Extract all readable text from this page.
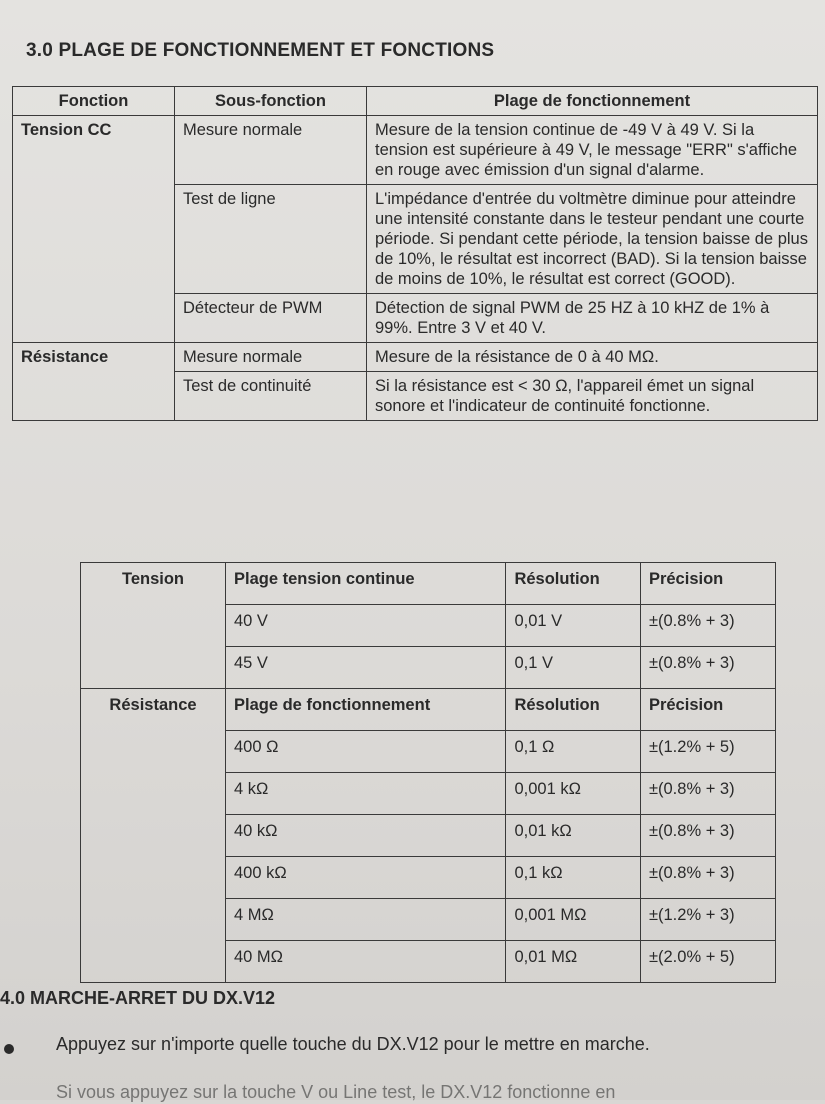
3.0 PLAGE DE FONCTIONNEMENT ET FONCTIONS
Fonction	Sous-fonction	Plage de fonctionnement
Tension CC	Mesure normale	Mesure de la tension continue de -49 V à 49 V. Si la tension est supérieure à 49 V, le message "ERR" s'affiche en rouge avec émission d'un signal d'alarme.
	Test de ligne	L'impédance d'entrée du voltmètre diminue pour atteindre une intensité constante dans le testeur pendant une courte période. Si pendant cette période, la tension baisse de plus de 10%, le résultat est incorrect (BAD). Si la tension baisse de moins de 10%, le résultat est correct (GOOD).
	Détecteur de PWM	Détection de signal PWM de 25 HZ à 10 kHZ de 1% à 99%. Entre 3 V et 40 V.
Résistance	Mesure normale	Mesure de la résistance de 0 à 40 MΩ.
	Test de continuité	Si la résistance est < 30 Ω, l'appareil émet un signal sonore et l'indicateur de continuité fonctionne.
Tension	Plage tension continue	Résolution	Précision
	40 V	0,01 V	±(0.8% + 3)
	45 V	0,1 V	±(0.8% + 3)
Résistance	Plage de fonctionnement	Résolution	Précision
	400 Ω	0,1 Ω	±(1.2% + 5)
	4 kΩ	0,001 kΩ	±(0.8% + 3)
	40 kΩ	0,01 kΩ	±(0.8% + 3)
	400 kΩ	0,1 kΩ	±(0.8% + 3)
	4 MΩ	0,001 MΩ	±(1.2% + 3)
	40 MΩ	0,01 MΩ	±(2.0% + 5)
4.0 MARCHE-ARRET DU DX.V12
Appuyez sur n'importe quelle touche du DX.V12 pour le mettre en marche.
Si vous appuyez sur la touche V ou Line test, le DX.V12 fonctionne en
